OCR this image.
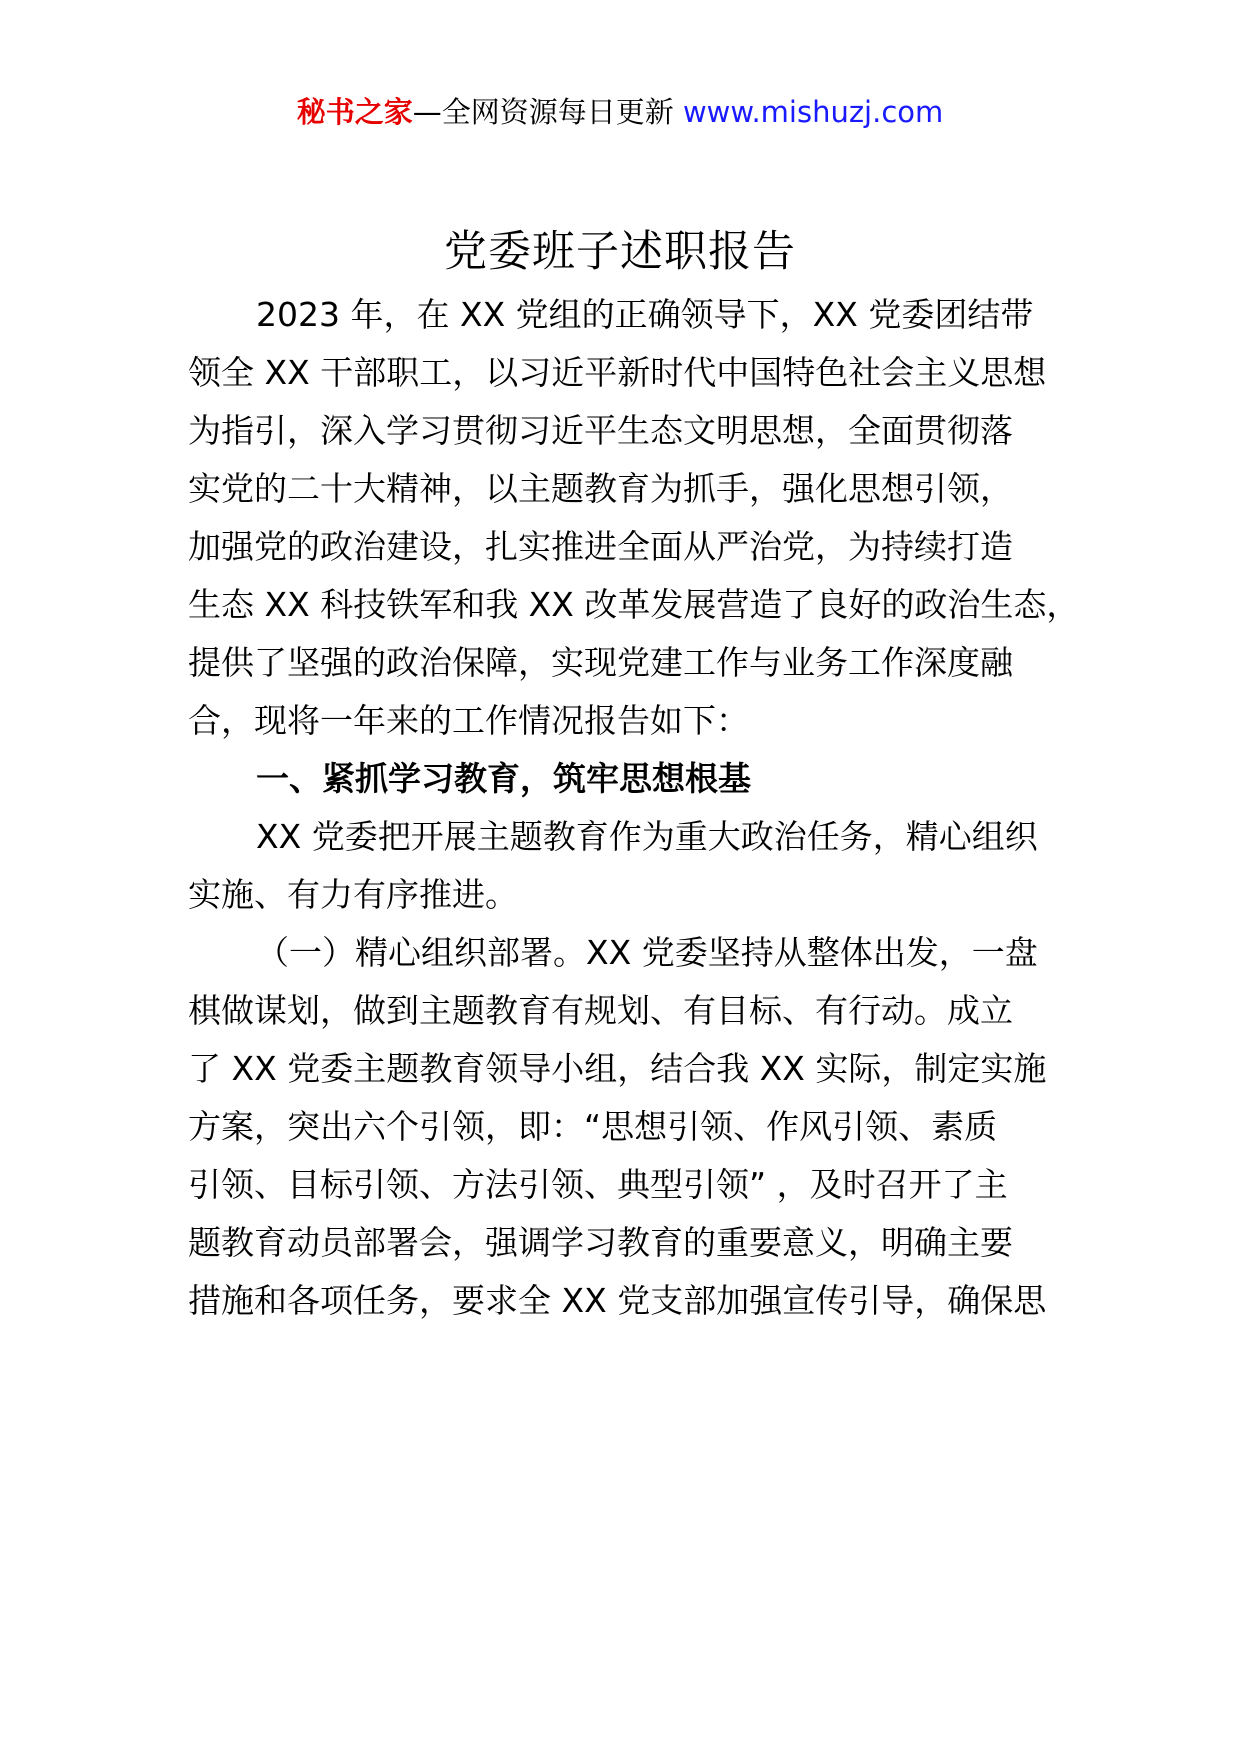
秘书之家—全网资源每日更新 www.mishuzj.com
党委班子述职报告
2023 年，在 XX 党组的正确领导下，XX 党委团结带
领全 XX 干部职工，以习近平新时代中国特色社会主义思想
为指引，深入学习贯彻习近平生态文明思想，全面贯彻落
实党的二十大精神，以主题教育为抓手，强化思想引领，
加强党的政治建设，扎实推进全面从严治党，为持续打造
生态 XX 科技铁军和我 XX 改革发展营造了良好的政治生态，
提供了坚强的政治保障，实现党建工作与业务工作深度融
合，现将一年来的工作情况报告如下：
一、紧抓学习教育，筑牢思想根基
XX 党委把开展主题教育作为重大政治任务，精心组织
实施、有力有序推进。
（一）精心组织部署。XX 党委坚持从整体出发，一盘
棋做谋划，做到主题教育有规划、有目标、有行动。成立
了 XX 党委主题教育领导小组，结合我 XX 实际，制定实施
方案，突出六个引领，即：“思想引领、作风引领、素质
引领、目标引领、方法引领、典型引领” ，及时召开了主
题教育动员部署会，强调学习教育的重要意义，明确主要
措施和各项任务，要求全 XX 党支部加强宣传引导，确保思
